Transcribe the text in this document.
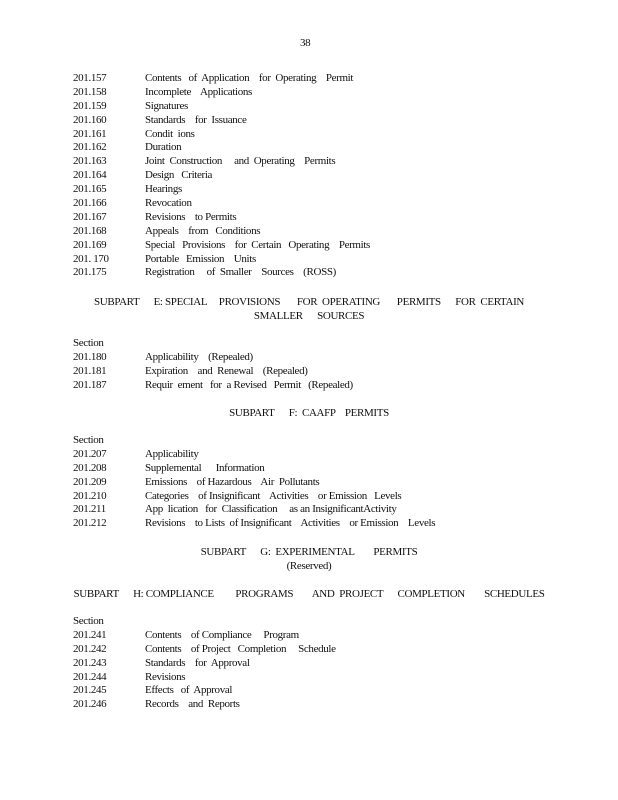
38
201.157	Contents   of  Application    for  Operating    Permit
201.158	Incomplete    Applications
201.159	Signatures
201.160	Standards    for  Issuance
201.161	Condit  ions
201.162	Duration
201.163	Joint  Construction     and  Operating    Permits
201.164	Design   Criteria
201.165	Hearings
201.166	Revocation
201.167	Revisions    to Permits
201.168	Appeals    from   Conditions
201.169	Special   Provisions    for  Certain   Operating    Permits
201. 170	Portable   Emission    Units
201.175	Registration     of  Smaller    Sources    (ROSS)
SUBPART      E: SPECIAL     PROVISIONS       FOR  OPERATING       PERMITS      FOR  CERTAIN
SMALLER      SOURCES
Section
201.180	Applicability    (Repealed)
201.181	Expiration    and  Renewal    (Repealed)
201.187	Requir  ement   for  a Revised   Permit   (Repealed)
SUBPART      F:  CAAFP    PERMITS
Section
201.207	Applicability
201.208	Supplemental      Information
201.209	Emissions    of Hazardous    Air  Pollutants
201.210	Categories    of Insignificant    Activities    or Emission   Levels
201.211	App  lication   for  Classification     as an InsignificantActivity
201.212	Revisions    to Lists  of Insignificant    Activities    or Emission    Levels
SUBPART      G:  EXPERIMENTAL        PERMITS
(Reserved)
SUBPART      H: COMPLIANCE         PROGRAMS        AND  PROJECT      COMPLETION        SCHEDULES
Section
201.241	Contents    of Compliance     Program
201.242	Contents    of Project   Completion     Schedule
201.243	Standards    for  Approval
201.244	Revisions
201.245	Effects   of  Approval
201.246	Records    and  Reports
